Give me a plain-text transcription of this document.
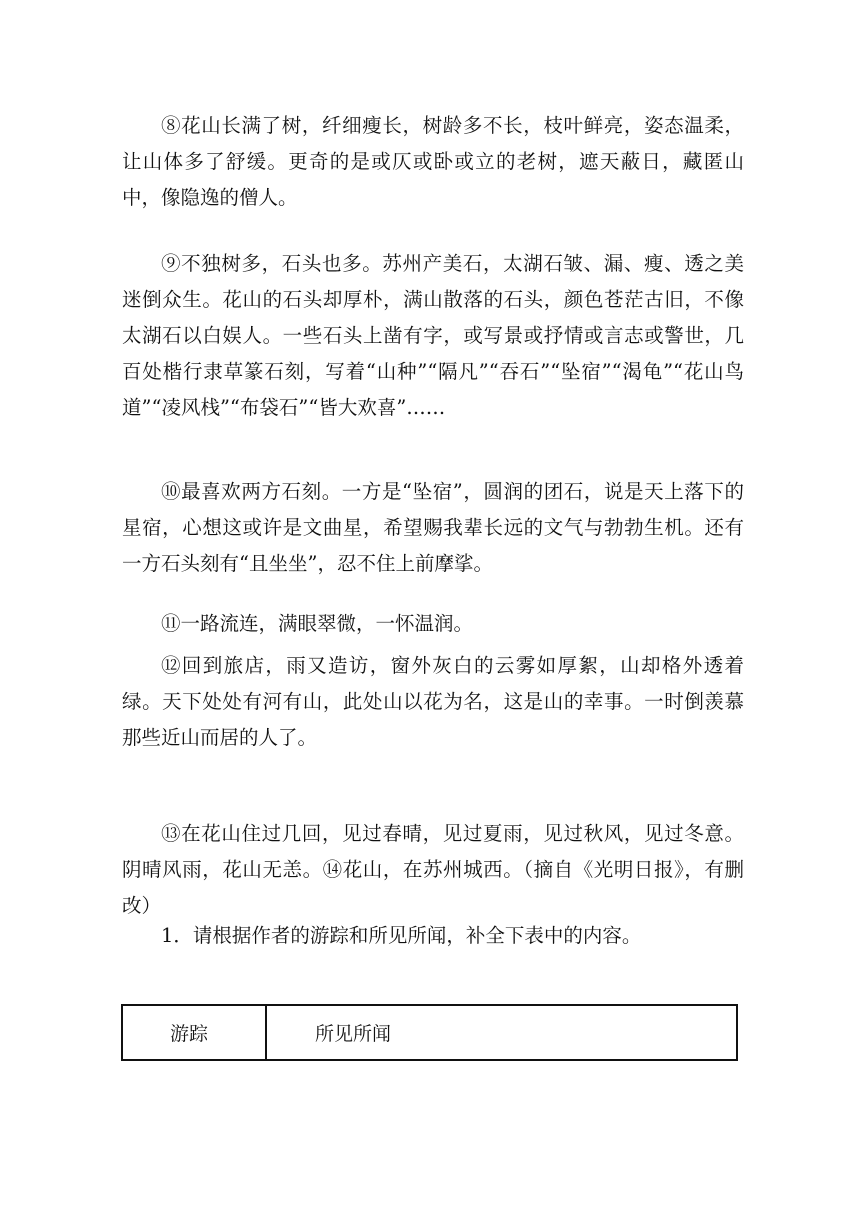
⑧花山长满了树，纤细瘦长，树龄多不长，枝叶鲜亮，姿态温柔，让山体多了舒缓。更奇的是或仄或卧或立的老树，遮天蔽日，藏匿山中，像隐逸的僧人。

⑨不独树多，石头也多。苏州产美石，太湖石皱、漏、瘦、透之美迷倒众生。花山的石头却厚朴，满山散落的石头，颜色苍茫古旧，不像太湖石以白娱人。一些石头上凿有字，或写景或抒情或言志或警世，几百处楷行隶草篆石刻，写着“山种”“隔凡”“吞石”“坠宿”“渴龟”“花山鸟道”“凌风栈”“布袋石”“皆大欢喜”……

⑩最喜欢两方石刻。一方是“坠宿”，圆润的团石，说是天上落下的星宿，心想这或许是文曲星，希望赐我辈长远的文气与勃勃生机。还有一方石头刻有“且坐坐”，忍不住上前摩挲。

⑪一路流连，满眼翠微，一怀温润。

⑫回到旅店，雨又造访，窗外灰白的云雾如厚絮，山却格外透着绿。天下处处有河有山，此处山以花为名，这是山的幸事。一时倒羡慕那些近山而居的人了。

⑬在花山住过几回，见过春晴，见过夏雨，见过秋风，见过冬意。阴晴风雨，花山无恙。⑭花山，在苏州城西。（摘自《光明日报》，有删改）

1．请根据作者的游踪和所见所闻，补全下表中的内容。

游踪	所见所闻
